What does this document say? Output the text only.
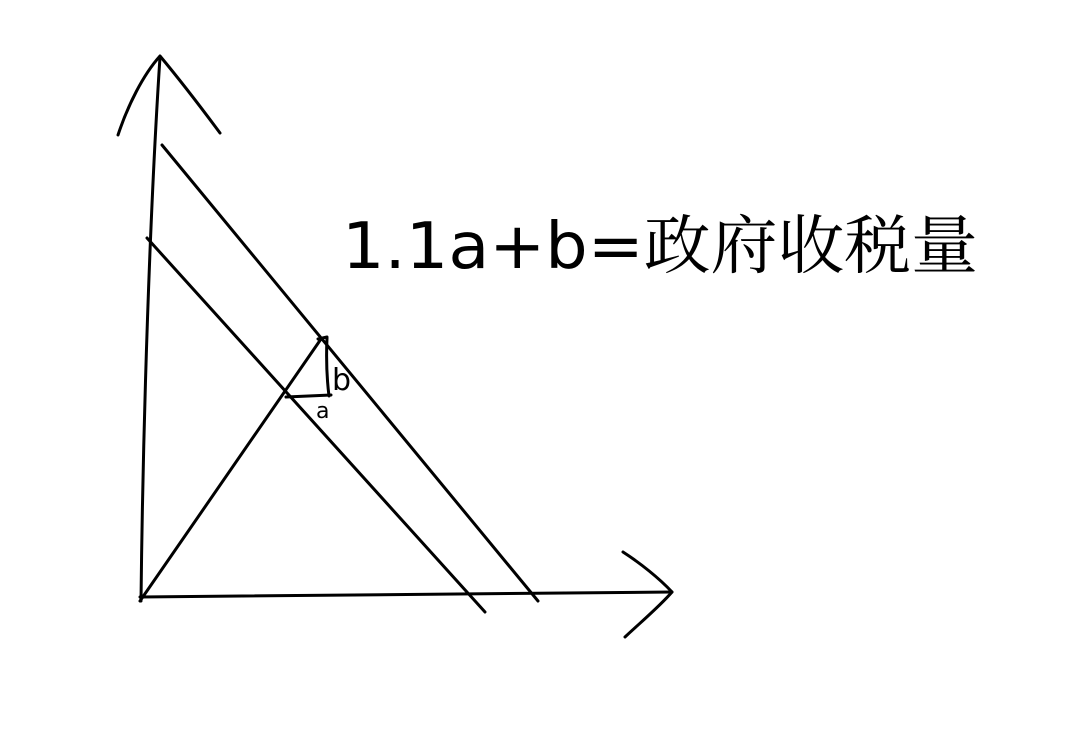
b
a
1.1a+b=政府收税量
